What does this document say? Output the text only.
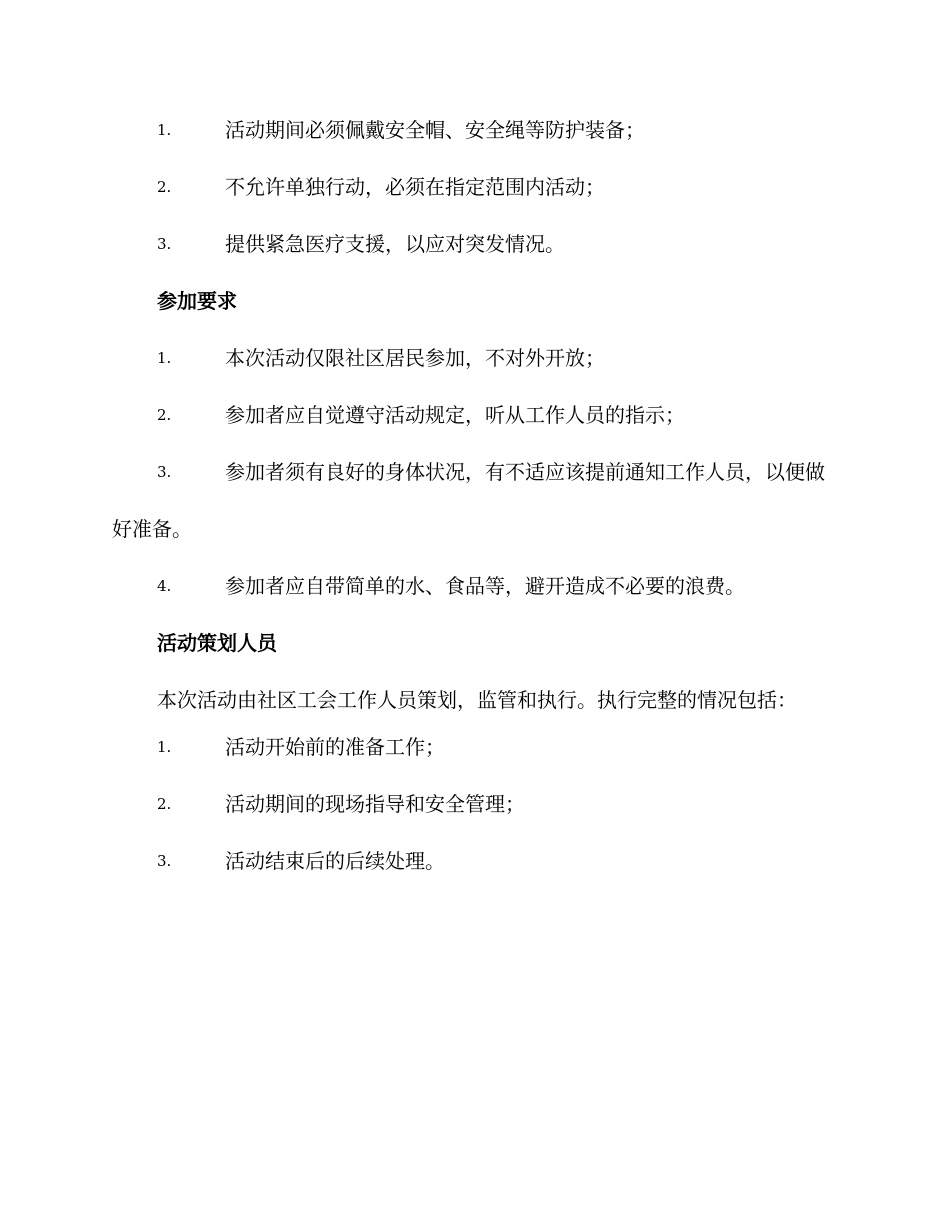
1.	活动期间必须佩戴安全帽、安全绳等防护装备；
2.	不允许单独行动，必须在指定范围内活动；
3.	提供紧急医疗支援，以应对突发情况。
参加要求
1.	本次活动仅限社区居民参加，不对外开放；
2.	参加者应自觉遵守活动规定，听从工作人员的指示；
3.	参加者须有良好的身体状况，有不适应该提前通知工作人员，以便做好准备。
4.	参加者应自带简单的水、食品等，避开造成不必要的浪费。
活动策划人员
本次活动由社区工会工作人员策划，监管和执行。执行完整的情况包括：
1.	活动开始前的准备工作；
2.	活动期间的现场指导和安全管理；
3.	活动结束后的后续处理。
